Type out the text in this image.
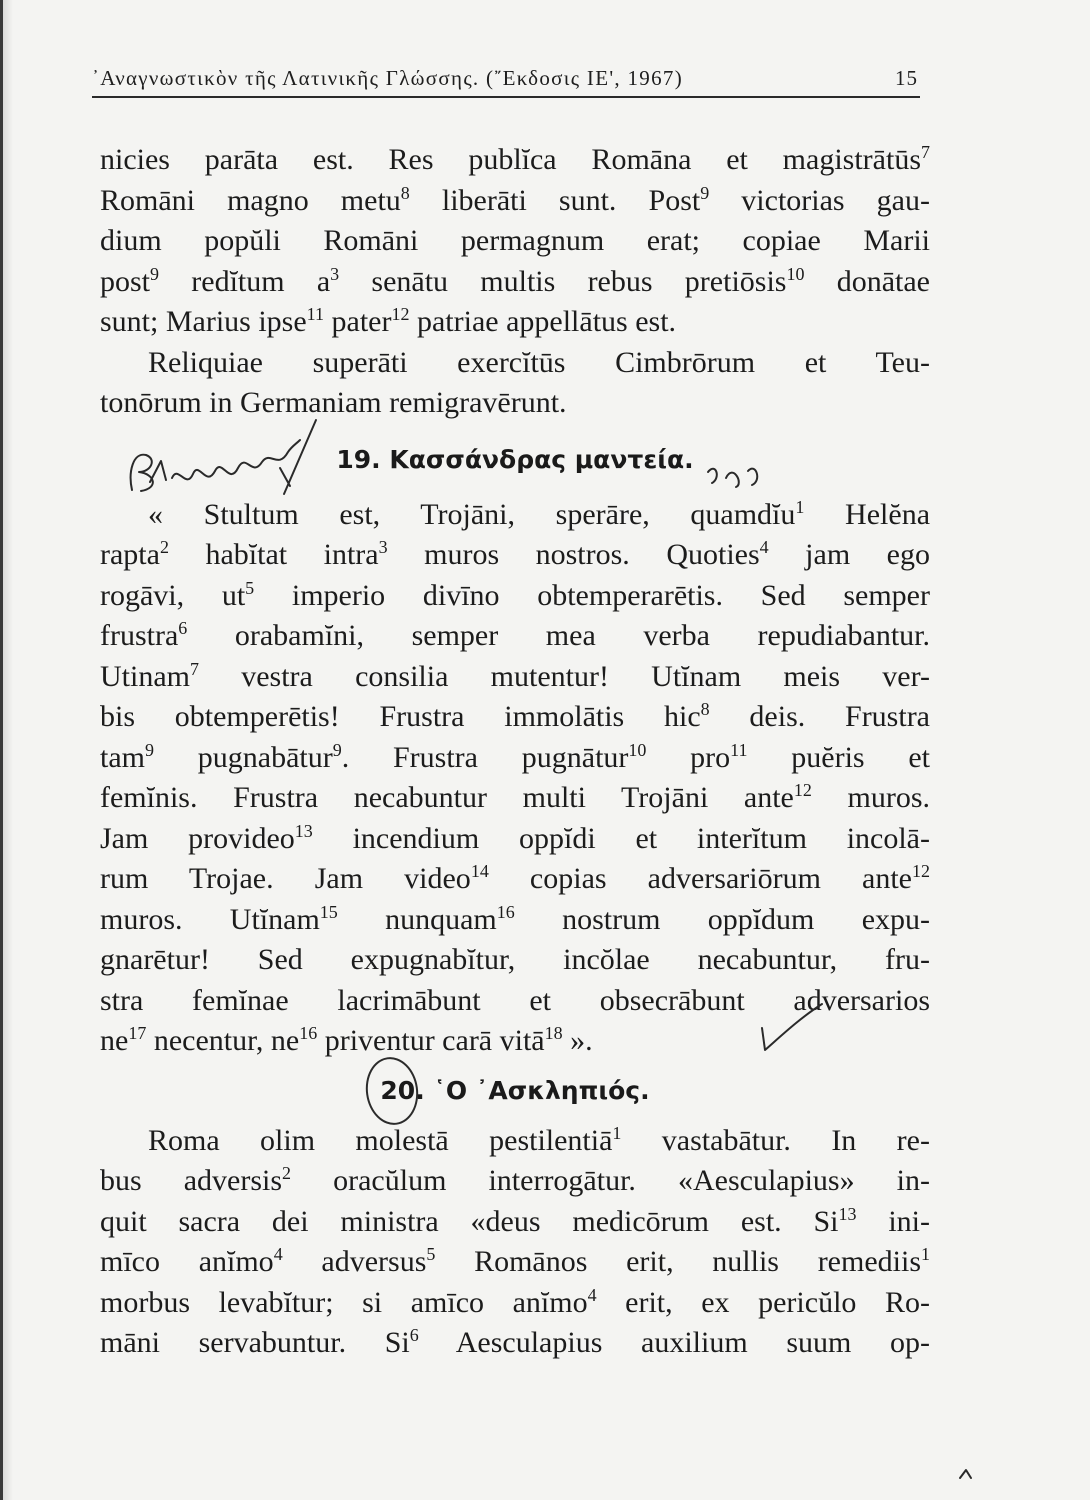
᾿Αναγνωστικὸν τῆς Λατινικῆς Γλώσσης. (῎Εκδοσις ΙΕ', 1967)	15
nicies parāta est. Res publĭca Romāna et magistrātūs$^7$
Romāni magno metu$^8$ liberāti sunt. Post$^9$ victorias gau-
dium popŭli Romāni permagnum erat; copiae Marii
post$^9$ redĭtum a$^3$ senātu multis rebus pretiōsis$^{10}$ donātae
sunt; Marius ipse$^{11}$ pater$^{12}$ patriae appellātus est.
Reliquiae superāti exercĭtūs Cimbrōrum et Teu-
tonōrum in Germaniam remigravērunt.
19. Κασσάνδρας μαντεία.
« Stultum est, Trojāni, sperāre, quamdĭu$^1$ Helĕna
rapta$^2$ habĭtat intra$^3$ muros nostros. Quoties$^4$ jam ego
rogāvi, ut$^5$ imperio divīno obtemperarētis. Sed semper
frustra$^6$ orabamĭni, semper mea verba repudiabantur.
Utinam$^7$ vestra consilia mutentur! Utĭnam meis ver-
bis obtemperētis! Frustra immolātis hic$^8$ deis. Frustra
tam$^9$ pugnabātur$^9$. Frustra pugnātur$^{10}$ pro$^{11}$ puĕris et
femĭnis. Frustra necabuntur multi Trojāni ante$^{12}$ muros.
Jam provideo$^{13}$ incendium oppĭdi et interĭtum incolā-
rum Trojae. Jam video$^{14}$ copias adversariōrum ante$^{12}$
muros. Utĭnam$^{15}$ nunquam$^{16}$ nostrum oppĭdum expu-
gnarētur! Sed expugnabĭtur, incŏlae necabuntur, fru-
stra femĭnae lacrimābunt et obsecrābunt adversarios
ne$^{17}$ necentur, ne$^{16}$ priventur carā vitā$^{18}$ ».
20. ῾Ο ᾿Ασκληπιός.
Roma olim molestā pestilentiā$^1$ vastabātur. In re-
bus adversis$^2$ oracŭlum interrogātur. «Aesculapius» in-
quit sacra dei ministra «deus medicōrum est. Si$^{13}$ ini-
mīco anĭmo$^4$ adversus$^5$ Romānos erit, nullis remediis$^1$
morbus levabĭtur; si amīco anĭmo$^4$ erit, ex pericŭlo Ro-
māni servabuntur. Si$^6$ Aesculapius auxilium suum op-
